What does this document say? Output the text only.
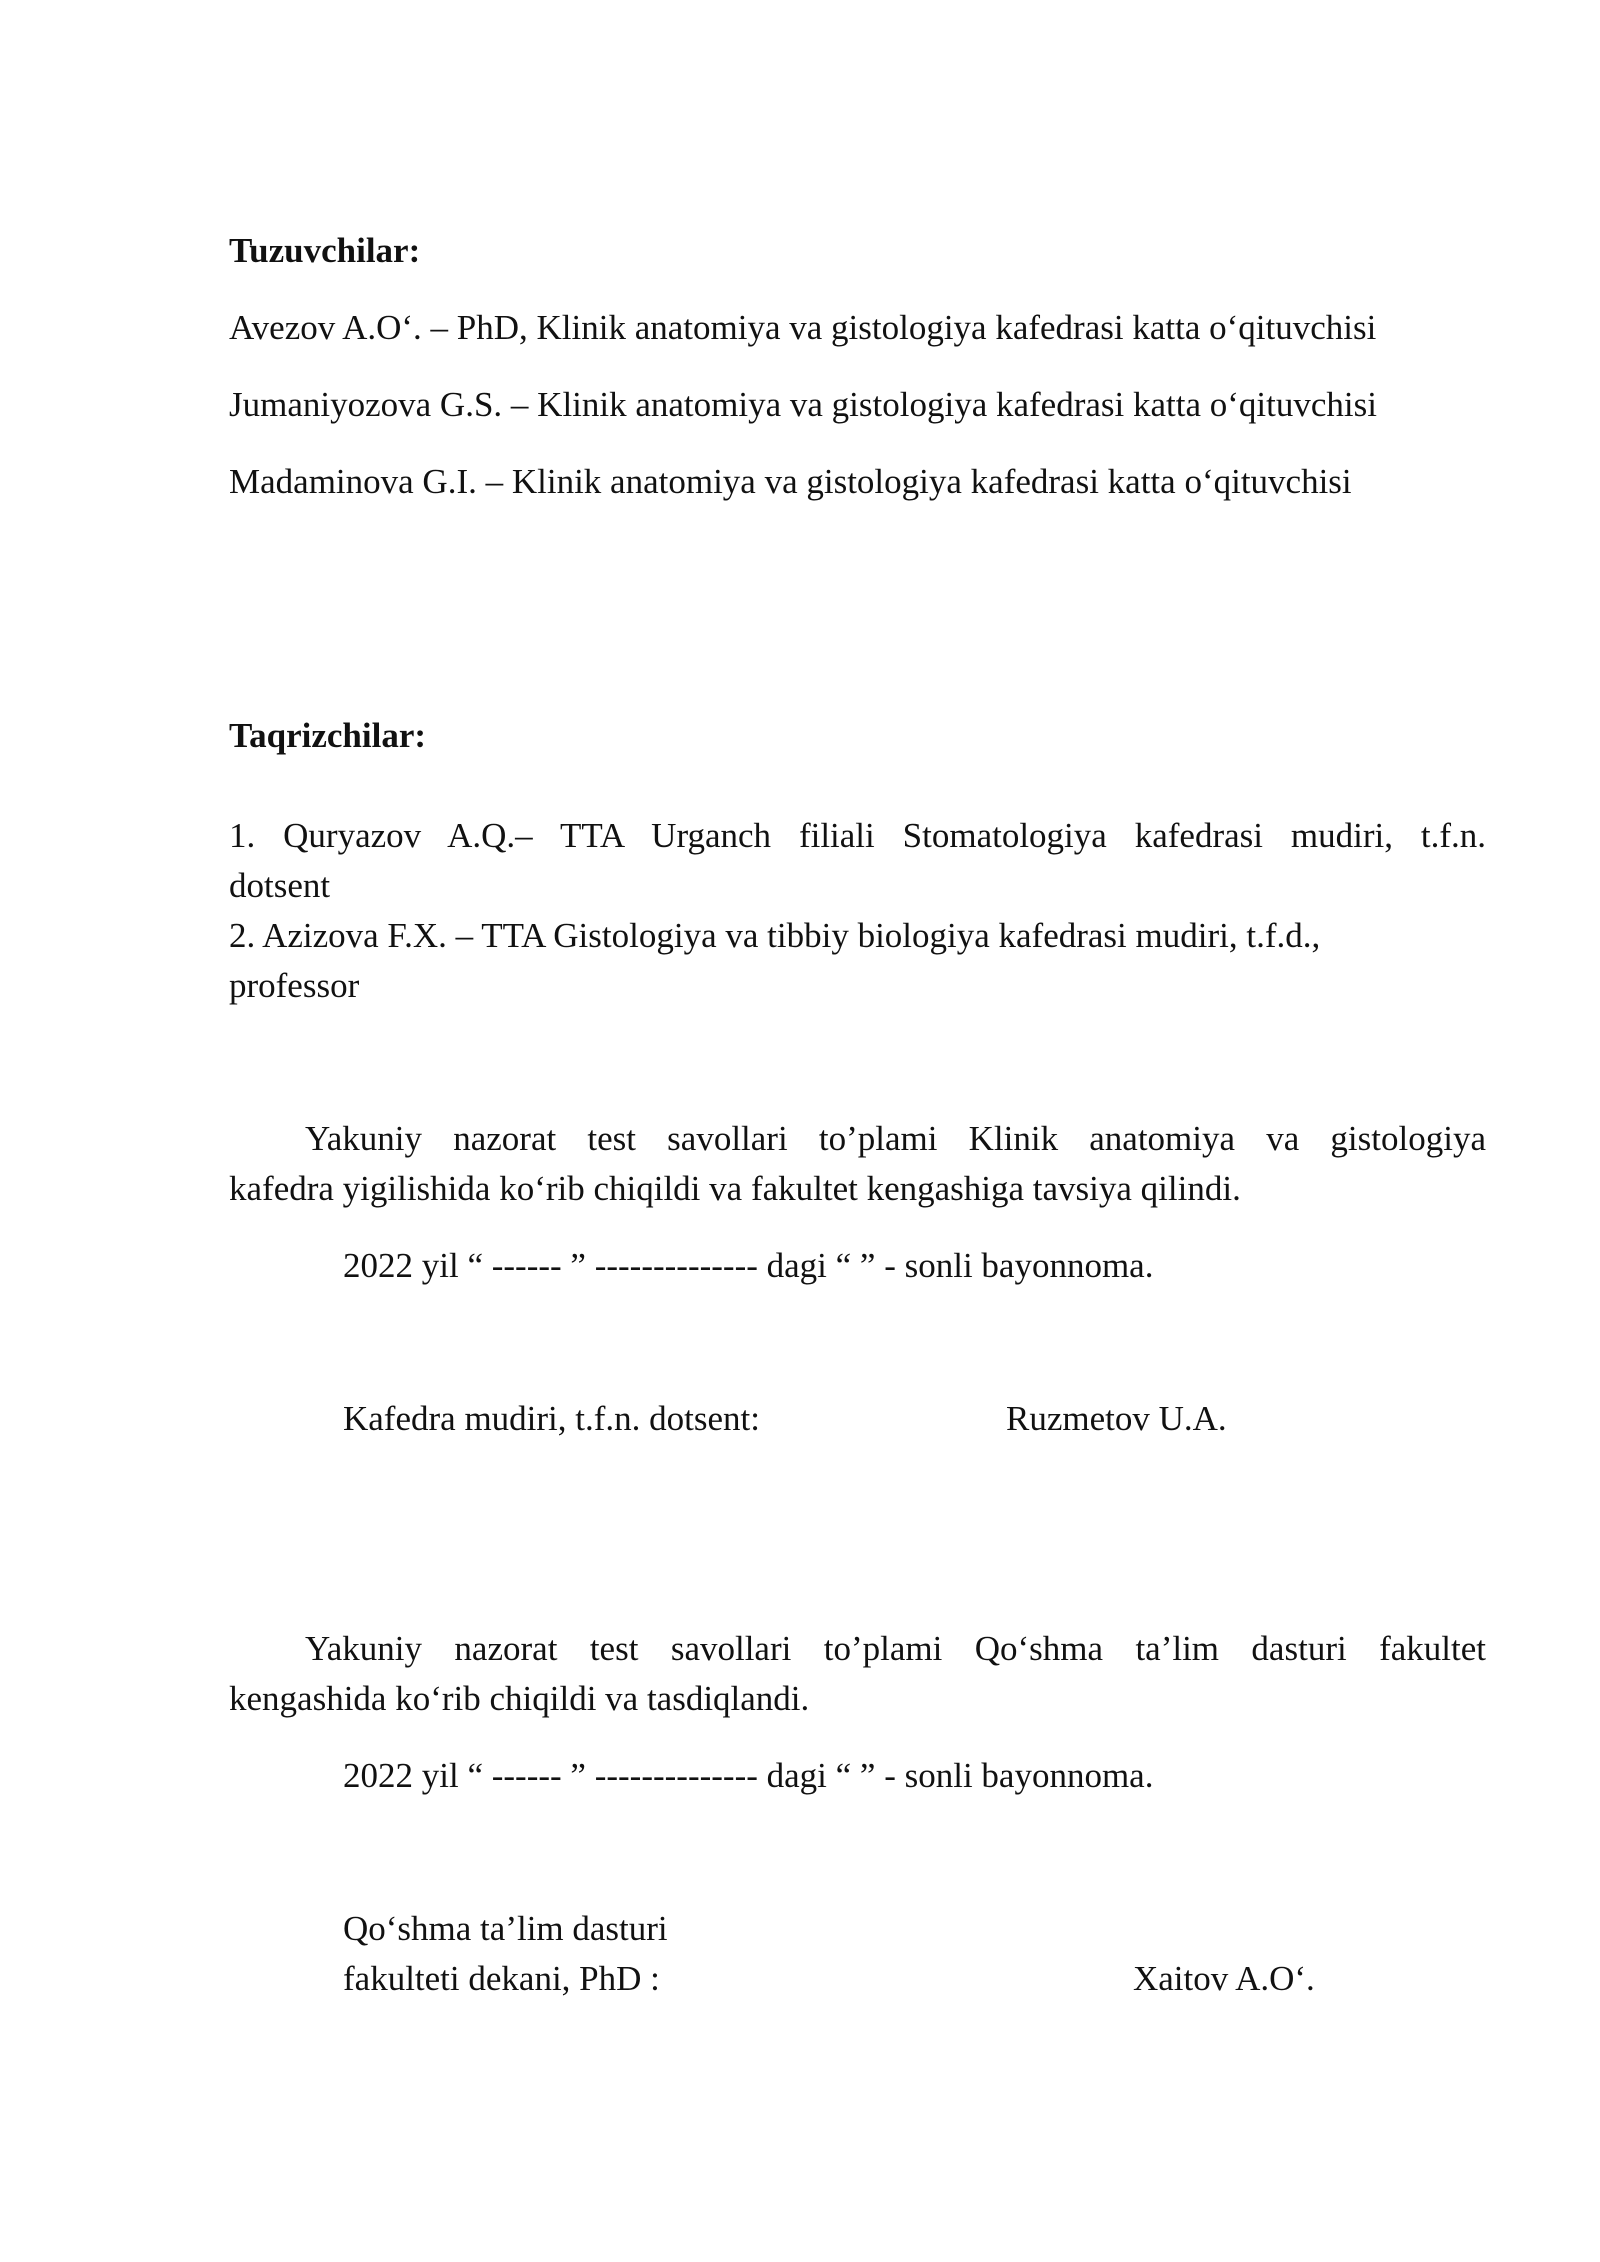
Tuzuvchilar:
Avezov A.O‘. – PhD, Klinik anatomiya va gistologiya kafedrasi katta o‘qituvchisi
Jumaniyozova G.S. – Klinik anatomiya va gistologiya kafedrasi katta o‘qituvchisi
Madaminova G.I. – Klinik anatomiya va gistologiya kafedrasi katta o‘qituvchisi
Taqrizchilar:
1. Quryazov A.Q.– TTA Urganch filiali Stomatologiya kafedrasi mudiri, t.f.n.
dotsent
2. Azizova F.X. – TTA Gistologiya va tibbiy biologiya kafedrasi mudiri, t.f.d.,
professor
Yakuniy nazorat test savollari to’plami Klinik anatomiya va gistologiya
kafedra yigilishida ko‘rib chiqildi va fakultet kengashiga tavsiya qilindi.
2022 yil “ ------ ” -------------- dagi “ ” - sonli bayonnoma.
Kafedra mudiri, t.f.n. dotsent:	Ruzmetov U.A.
Yakuniy nazorat test savollari to’plami Qo‘shma ta’lim dasturi fakultet
kengashida ko‘rib chiqildi va tasdiqlandi.
2022 yil “ ------ ” -------------- dagi “ ” - sonli bayonnoma.
Qo‘shma ta’lim dasturi
fakulteti dekani, PhD :	Xaitov A.O‘.
